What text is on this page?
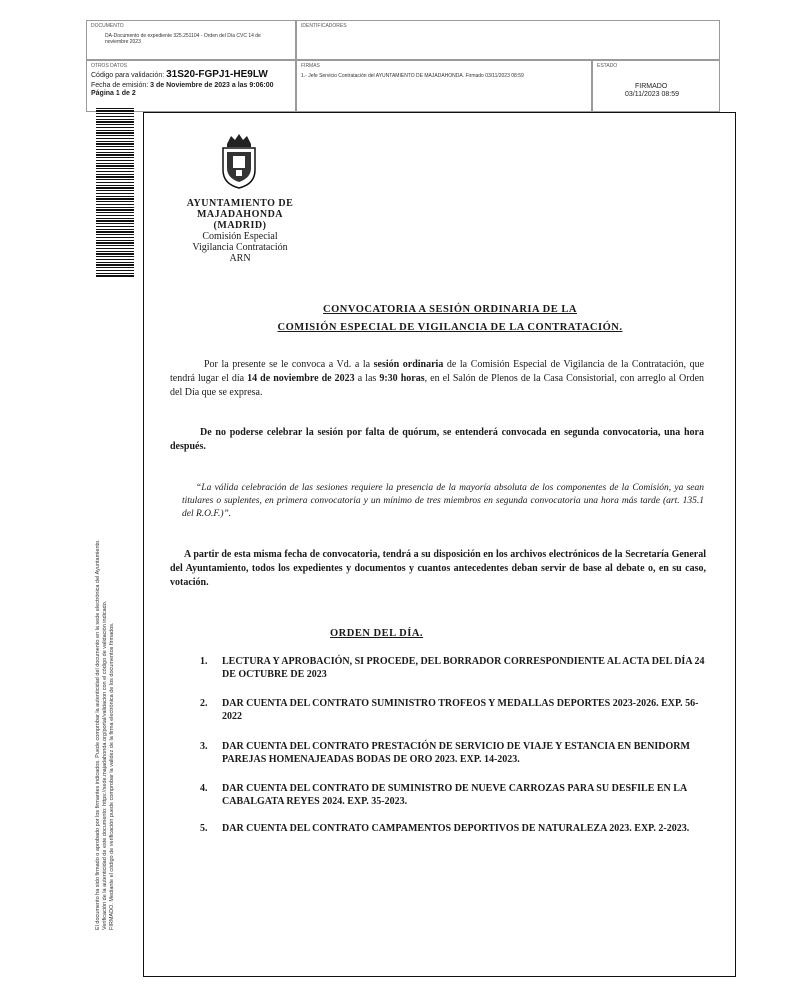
DOCUMENTO
DA-Documento de expediente 325.251104 - Orden del Día CVC 14 de noviembre 2023
IDENTIFICADORES
OTROS DATOS
Código para validación: 31S20-FGPJ1-HE9LW
Fecha de emisión: 3 de Noviembre de 2023 a las 9:06:00
Página 1 de 2
FIRMAS
1.- Jefe Servicio Contratación del AYUNTAMIENTO DE MAJADAHONDA. Firmado 03/11/2023 08:59
ESTADO
FIRMADO
03/11/2023 08:59
El documento ha sido firmado o aprobado por los firmantes indicados. Puede comprobar la autenticidad del documento en la sede electrónica del Ayuntamiento. Verificación de la autenticidad de este documento: https://sede.majadahonda.org/portal/validacion con el código de validación indicado. FIRMADO. Mediante el código de verificación puede comprobar la validez de la firma electrónica de los documentos firmados.
AYUNTAMIENTO DE
MAJADAHONDA
(MADRID)
Comisión Especial
Vigilancia Contratación
ARN
CONVOCATORIA A SESIÓN ORDINARIA DE LA
COMISIÓN ESPECIAL DE VIGILANCIA DE LA CONTRATACIÓN.
Por la presente se le convoca a Vd. a la sesión ordinaria de la Comisión Especial de Vigilancia de la Contratación, que tendrá lugar el día 14 de noviembre de 2023 a las 9:30 horas, en el Salón de Plenos de la Casa Consistorial, con arreglo al Orden del Día que se expresa.
De no poderse celebrar la sesión por falta de quórum, se entenderá convocada en segunda convocatoria, una hora después.
“La válida celebración de las sesiones requiere la presencia de la mayoría absoluta de los componentes de la Comisión, ya sean titulares o suplentes, en primera convocatoria y un mínimo de tres miembros en segunda convocatoria una hora más tarde (art. 135.1 del R.O.F.)”.
A partir de esta misma fecha de convocatoria, tendrá a su disposición en los archivos electrónicos de la Secretaría General del Ayuntamiento, todos los expedientes y documentos y cuantos antecedentes deban servir de base al debate o, en su caso, votación.
ORDEN DEL DÍA.
1. LECTURA Y APROBACIÓN, SI PROCEDE, DEL BORRADOR CORRESPONDIENTE AL ACTA DEL DÍA 24 DE OCTUBRE DE 2023
2. DAR CUENTA DEL CONTRATO SUMINISTRO TROFEOS Y MEDALLAS DEPORTES 2023-2026. EXP. 56-2022
3. DAR CUENTA DEL CONTRATO PRESTACIÓN DE SERVICIO DE VIAJE Y ESTANCIA EN BENIDORM PAREJAS HOMENAJEADAS BODAS DE ORO 2023. EXP. 14-2023.
4. DAR CUENTA DEL CONTRATO DE SUMINISTRO DE NUEVE CARROZAS PARA SU DESFILE EN LA CABALGATA REYES 2024. EXP. 35-2023.
5. DAR CUENTA DEL CONTRATO CAMPAMENTOS DEPORTIVOS DE NATURALEZA 2023. EXP. 2-2023.
